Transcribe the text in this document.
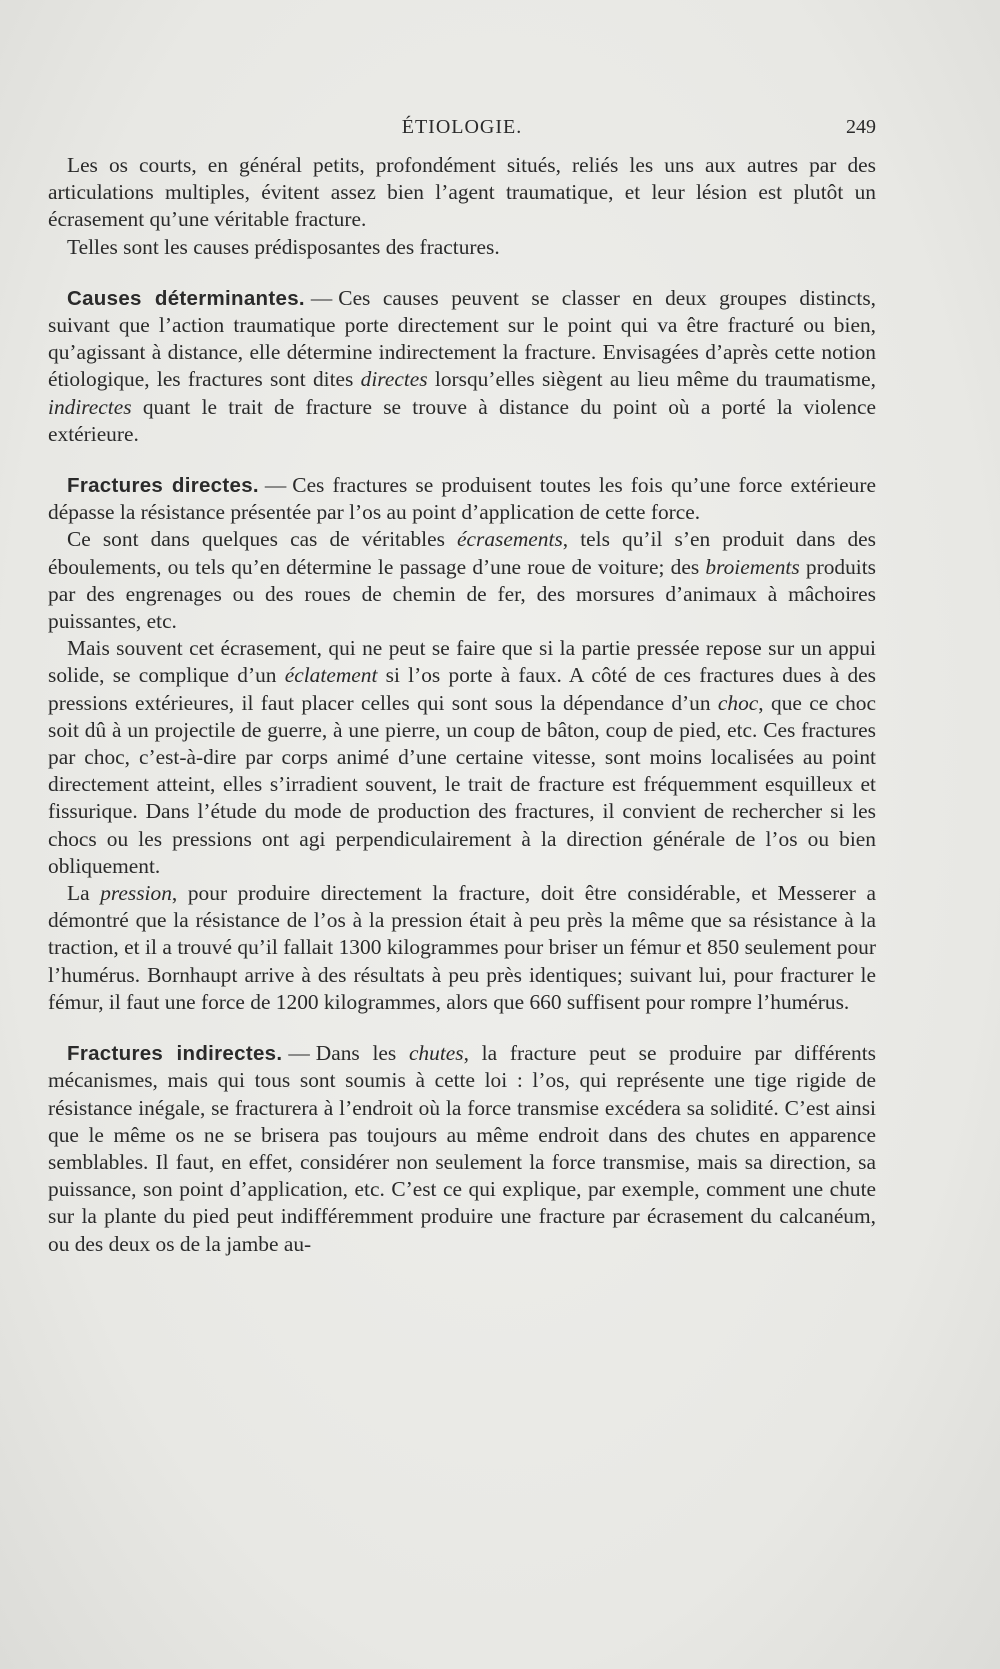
ÉTIOLOGIE.	249

Les os courts, en général petits, profondément situés, reliés les uns aux autres par des articulations multiples, évitent assez bien l’agent traumatique, et leur lésion est plutôt un écrasement qu’une véritable fracture.

Telles sont les causes prédisposantes des fractures.

Causes déterminantes. — Ces causes peuvent se classer en deux groupes distincts, suivant que l’action traumatique porte directement sur le point qui va être fracturé ou bien, qu’agissant à distance, elle détermine indirectement la fracture. Envisagées d’après cette notion étiologique, les fractures sont dites directes lorsqu’elles siègent au lieu même du traumatisme, indirectes quant le trait de fracture se trouve à distance du point où a porté la violence extérieure.

Fractures directes. — Ces fractures se produisent toutes les fois qu’une force extérieure dépasse la résistance présentée par l’os au point d’application de cette force.

Ce sont dans quelques cas de véritables écrasements, tels qu’il s’en produit dans des éboulements, ou tels qu’en détermine le passage d’une roue de voiture; des broiements produits par des engrenages ou des roues de chemin de fer, des morsures d’animaux à mâchoires puissantes, etc.

Mais souvent cet écrasement, qui ne peut se faire que si la partie pressée repose sur un appui solide, se complique d’un éclatement si l’os porte à faux. A côté de ces fractures dues à des pressions extérieures, il faut placer celles qui sont sous la dépendance d’un choc, que ce choc soit dû à un projectile de guerre, à une pierre, un coup de bâton, coup de pied, etc. Ces fractures par choc, c’est-à-dire par corps animé d’une certaine vitesse, sont moins localisées au point directement atteint, elles s’irradient souvent, le trait de fracture est fréquemment esquilleux et fissurique. Dans l’étude du mode de production des fractures, il convient de rechercher si les chocs ou les pressions ont agi perpendiculairement à la direction générale de l’os ou bien obliquement.

La pression, pour produire directement la fracture, doit être considérable, et Messerer a démontré que la résistance de l’os à la pression était à peu près la même que sa résistance à la traction, et il a trouvé qu’il fallait 1300 kilogrammes pour briser un fémur et 850 seulement pour l’humérus. Bornhaupt arrive à des résultats à peu près identiques; suivant lui, pour fracturer le fémur, il faut une force de 1200 kilogrammes, alors que 660 suffisent pour rompre l’humérus.

Fractures indirectes. — Dans les chutes, la fracture peut se produire par différents mécanismes, mais qui tous sont soumis à cette loi : l’os, qui représente une tige rigide de résistance inégale, se fracturera à l’endroit où la force transmise excédera sa solidité. C’est ainsi que le même os ne se brisera pas toujours au même endroit dans des chutes en apparence semblables. Il faut, en effet, considérer non seulement la force transmise, mais sa direction, sa puissance, son point d’application, etc. C’est ce qui explique, par exemple, comment une chute sur la plante du pied peut indifféremment produire une fracture par écrasement du calcanéum, ou des deux os de la jambe au-
